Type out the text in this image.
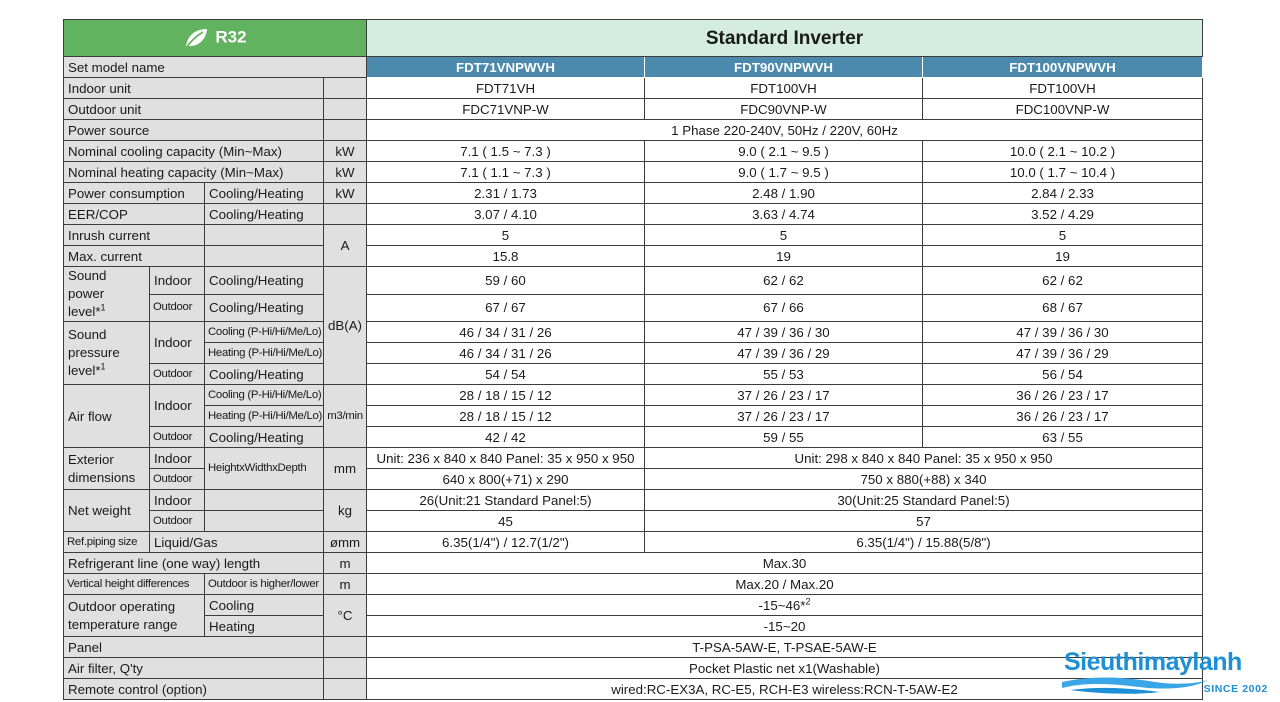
R32				Standard Inverter		
Set model name				FDT71VNPWVH	FDT90VNPWVH	FDT100VNPWVH
Indoor unit				FDT71VH	FDT100VH	FDT100VH
Outdoor unit				FDC71VNP-W	FDC90VNP-W	FDC100VNP-W
Power source				1 Phase 220-240V, 50Hz / 220V, 60Hz		
Nominal cooling capacity (Min~Max)			kW	7.1 ( 1.5 ~ 7.3 )	9.0 ( 2.1 ~ 9.5 )	10.0 ( 2.1 ~ 10.2 )
Nominal heating capacity (Min~Max)			kW	7.1 ( 1.1 ~ 7.3 )	9.0 ( 1.7 ~ 9.5 )	10.0 ( 1.7 ~ 10.4 )
Power consumption		Cooling/Heating	kW	2.31 / 1.73	2.48 / 1.90	2.84 / 2.33
EER/COP		Cooling/Heating		3.07 / 4.10	3.63 / 4.74	3.52 / 4.29
Inrush current			A	5	5	5
Max. current				15.8	19	19
Sound power level*$^1$	Indoor	Cooling/Heating	dB(A)	59 / 60	62 / 62	62 / 62
	Outdoor	Cooling/Heating		67 / 67	67 / 66	68 / 67
Sound pressure level*$^1$	Indoor	Cooling (P-Hi/Hi/Me/Lo)		46 / 34 / 31 / 26	47 / 39 / 36 / 30	47 / 39 / 36 / 30
		Heating (P-Hi/Hi/Me/Lo)		46 / 34 / 31 / 26	47 / 39 / 36 / 29	47 / 39 / 36 / 29
	Outdoor	Cooling/Heating		54 / 54	55 / 53	56 / 54
Air flow	Indoor	Cooling (P-Hi/Hi/Me/Lo)	m3/min	28 / 18 / 15 / 12	37 / 26 / 23 / 17	36 / 26 / 23 / 17
		Heating (P-Hi/Hi/Me/Lo)		28 / 18 / 15 / 12	37 / 26 / 23 / 17	36 / 26 / 23 / 17
	Outdoor	Cooling/Heating		42 / 42	59 / 55	63 / 55
Exterior dimensions	Indoor	HeightxWidthxDepth	mm	Unit: 236 x 840 x 840 Panel: 35 x 950 x 950	Unit: 298 x 840 x 840 Panel: 35 x 950 x 950	
	Outdoor			640 x 800(+71) x 290	750 x 880(+88) x 340	
Net weight	Indoor		kg	26(Unit:21 Standard Panel:5)	30(Unit:25 Standard Panel:5)	
	Outdoor			45	57	
Ref.piping size	Liquid/Gas		ømm	6.35(1/4") / 12.7(1/2")	6.35(1/4") / 15.88(5/8")	
Refrigerant line (one way) length			m	Max.30		
Vertical height differences		Outdoor is higher/lower	m	Max.20 / Max.20		
Outdoor operating temperature range		Cooling	°C	-15~46*$^2$
		Heating		-15~20		
Panel				T-PSA-5AW-E, T-PSAE-5AW-E		
Air filter, Q'ty				Pocket Plastic net x1(Washable)		
Remote control (option)				wired:RC-EX3A, RC-E5, RCH-E3 wireless:RCN-T-5AW-E2		
Sieuthimaylanh
SINCE 2002
